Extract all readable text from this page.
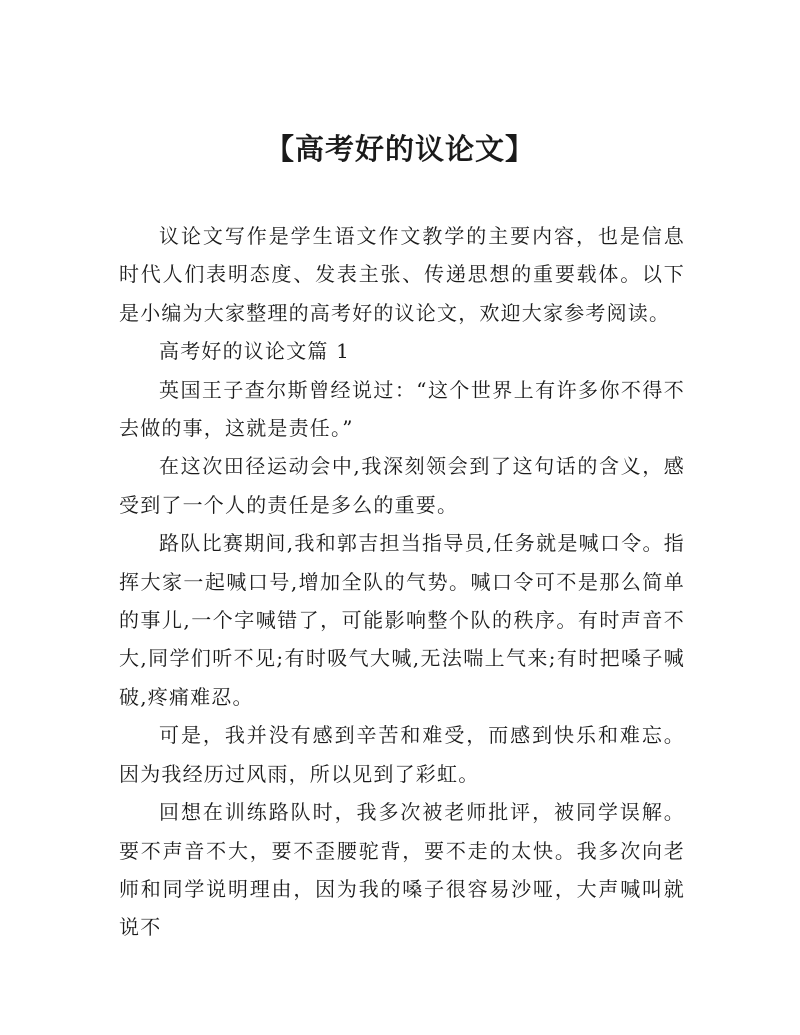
【高考好的议论文】

议论文写作是学生语文作文教学的主要内容，也是信息时代人们表明态度、发表主张、传递思想的重要载体。以下是小编为大家整理的高考好的议论文，欢迎大家参考阅读。

高考好的议论文篇 1

英国王子查尔斯曾经说过：“这个世界上有许多你不得不去做的事，这就是责任。”

在这次田径运动会中,我深刻领会到了这句话的含义，感受到了一个人的责任是多么的重要。

路队比赛期间,我和郭吉担当指导员,任务就是喊口令。指挥大家一起喊口号,增加全队的气势。喊口令可不是那么简单的事儿,一个字喊错了，可能影响整个队的秩序。有时声音不大,同学们听不见;有时吸气大喊,无法喘上气来;有时把嗓子喊破,疼痛难忍。

可是，我并没有感到辛苦和难受，而感到快乐和难忘。因为我经历过风雨，所以见到了彩虹。

回想在训练路队时，我多次被老师批评，被同学误解。要不声音不大，要不歪腰驼背，要不走的太快。我多次向老师和同学说明理由，因为我的嗓子很容易沙哑，大声喊叫就说不
